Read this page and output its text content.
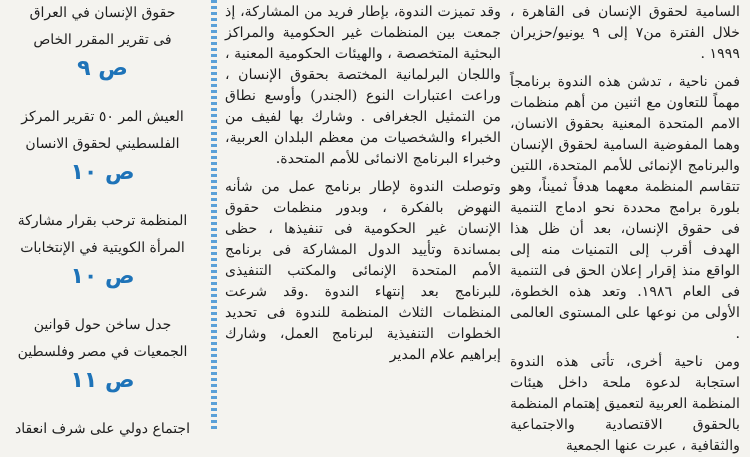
السامية لحقوق الإنسان فى القاهرة ، خلال الفترة من٧ إلى ٩ يونيو/حزيران ١٩٩٩ .

فمن ناحية ، تدشن هذه الندوة برنامجاً مهماً للتعاون مع اثنين من أهم منظمات الامم المتحدة المعنية بحقوق الانسان، وهما المفوضية السامية لحقوق الإنسان والبرنامج الإنمائى للأمم المتحدة، اللتين تتقاسم المنظمة معهما هدفاً ثميناً، وهو بلورة برامج محددة نحو ادماج التنمية فى حقوق الإنسان، بعد أن ظل هذا الهدف أقرب إلى التمنيات منه إلى الواقع منذ إقرار إعلان الحق فى التنمية فى العام ١٩٨٦. وتعد هذه الخطوة، الأولى من نوعها على المستوى العالمى .

ومن ناحية أخرى، تأتى هذه الندوة استجابة لدعوة ملحة داخل هيئات المنظمة العربية لتعميق إهتمام المنظمة بالحقوق الاقتصادية والاجتماعية والثقافية ، عبرت عنها الجمعية

وقد تميزت الندوة، بإطار فريد من المشاركة، إذ جمعت بين المنظمات غير الحكومية والمراكز البحثية المتخصصة ، والهيئات الحكومية المعنية ، واللجان البرلمانية المختصة بحقوق الإنسان ، وراعت اعتبارات النوع (الجندر) وأوسع نطاق من التمثيل الجغرافى . وشارك بها لفيف من الخبراء والشخصيات من معظم البلدان العربية، وخبراء البرنامج الانمائى للأمم المتحدة.

وتوصلت الندوة لإطار برنامج عمل من شأنه النهوض بالفكرة ، وبدور منظمات حقوق الإنسان غير الحكومية فى تنفيذها ، حظى بمساندة وتأييد الدول المشاركة فى برنامج الأمم المتحدة الإنمائى والمكتب التنفيذى للبرنامج بعد إنتهاء الندوة .وقد شرعت المنظمات الثلاث المنظمة للندوة فى تحديد الخطوات التنفيذية لبرنامج العمل، وشارك إبراهيم علام المدير

حقوق الإنسان في العراق

فى تقرير المقرر الخاص

ص ٩

العيش المر ٥٠ تقرير المركز

الفلسطيني لحقوق الانسان

ص ١٠

المنظمة ترحب بقرار مشاركة

المرأة الكويتية في الإنتخابات

ص ١٠

جدل ساخن حول قوانين

الجمعيات في مصر وفلسطين

ص ١١

اجتماع دولي على شرف انعقاد
